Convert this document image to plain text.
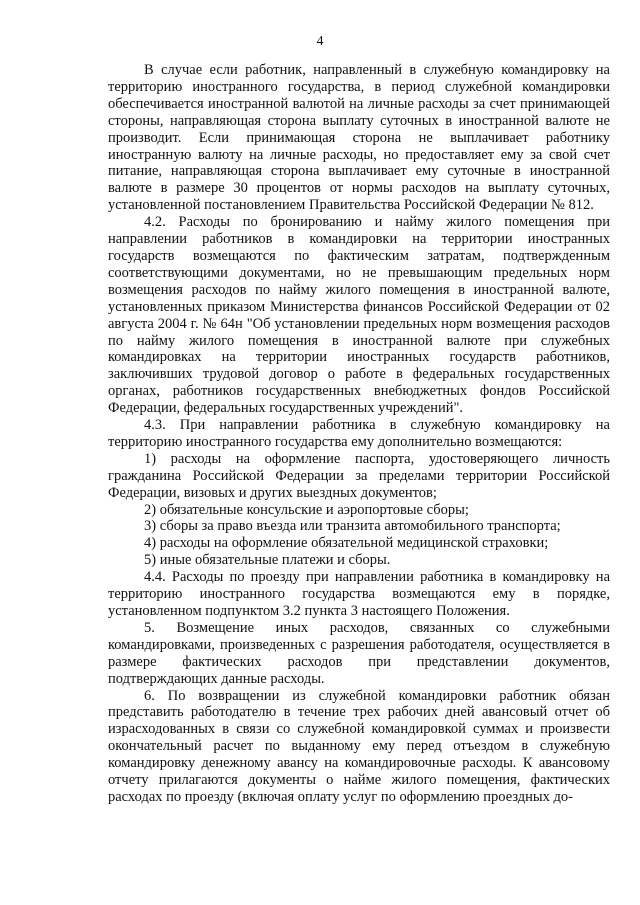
4

В случае если работник, направленный в служебную командировку на территорию иностранного государства, в период служебной командировки обеспечивается иностранной валютой на личные расходы за счет принимающей стороны, направляющая сторона выплату суточных в иностранной валюте не производит. Если принимающая сторона не выплачивает работнику иностранную валюту на личные расходы, но предоставляет ему за свой счет питание, направляющая сторона выплачивает ему суточные в иностранной валюте в размере 30 процентов от нормы расходов на выплату суточных, установленной постановлением Правительства Российской Федерации № 812.

4.2. Расходы по бронированию и найму жилого помещения при направлении работников в командировки на территории иностранных государств возмещаются по фактическим затратам, подтвержденным соответствующими документами, но не превышающим предельных норм возмещения расходов по найму жилого помещения в иностранной валюте, установленных приказом Министерства финансов Российской Федерации от 02 августа 2004 г. № 64н "Об установлении предельных норм возмещения расходов по найму жилого помещения в иностранной валюте при служебных командировках на территории иностранных государств работников, заключивших трудовой договор о работе в федеральных государственных органах, работников государственных внебюджетных фондов Российской Федерации, федеральных государственных учреждений".

4.3. При направлении работника в служебную командировку на территорию иностранного государства ему дополнительно возмещаются:

1) расходы на оформление паспорта, удостоверяющего личность гражданина Российской Федерации за пределами территории Российской Федерации, визовых и других выездных документов;

2) обязательные консульские и аэропортовые сборы;

3) сборы за право въезда или транзита автомобильного транспорта;

4) расходы на оформление обязательной медицинской страховки;

5) иные обязательные платежи и сборы.

4.4. Расходы по проезду при направлении работника в командировку на территорию иностранного государства возмещаются ему в порядке, установленном подпунктом 3.2 пункта 3 настоящего Положения.

5. Возмещение иных расходов, связанных со служебными командировками, произведенных с разрешения работодателя, осуществляется в размере фактических расходов при представлении документов, подтверждающих данные расходы.

6. По возвращении из служебной командировки работник обязан представить работодателю в течение трех рабочих дней авансовый отчет об израсходованных в связи со служебной командировкой суммах и произвести окончательный расчет по выданному ему перед отъездом в служебную командировку денежному авансу на командировочные расходы. К авансовому отчету прилагаются документы о найме жилого помещения, фактических расходах по проезду (включая оплату услуг по оформлению проездных до-
